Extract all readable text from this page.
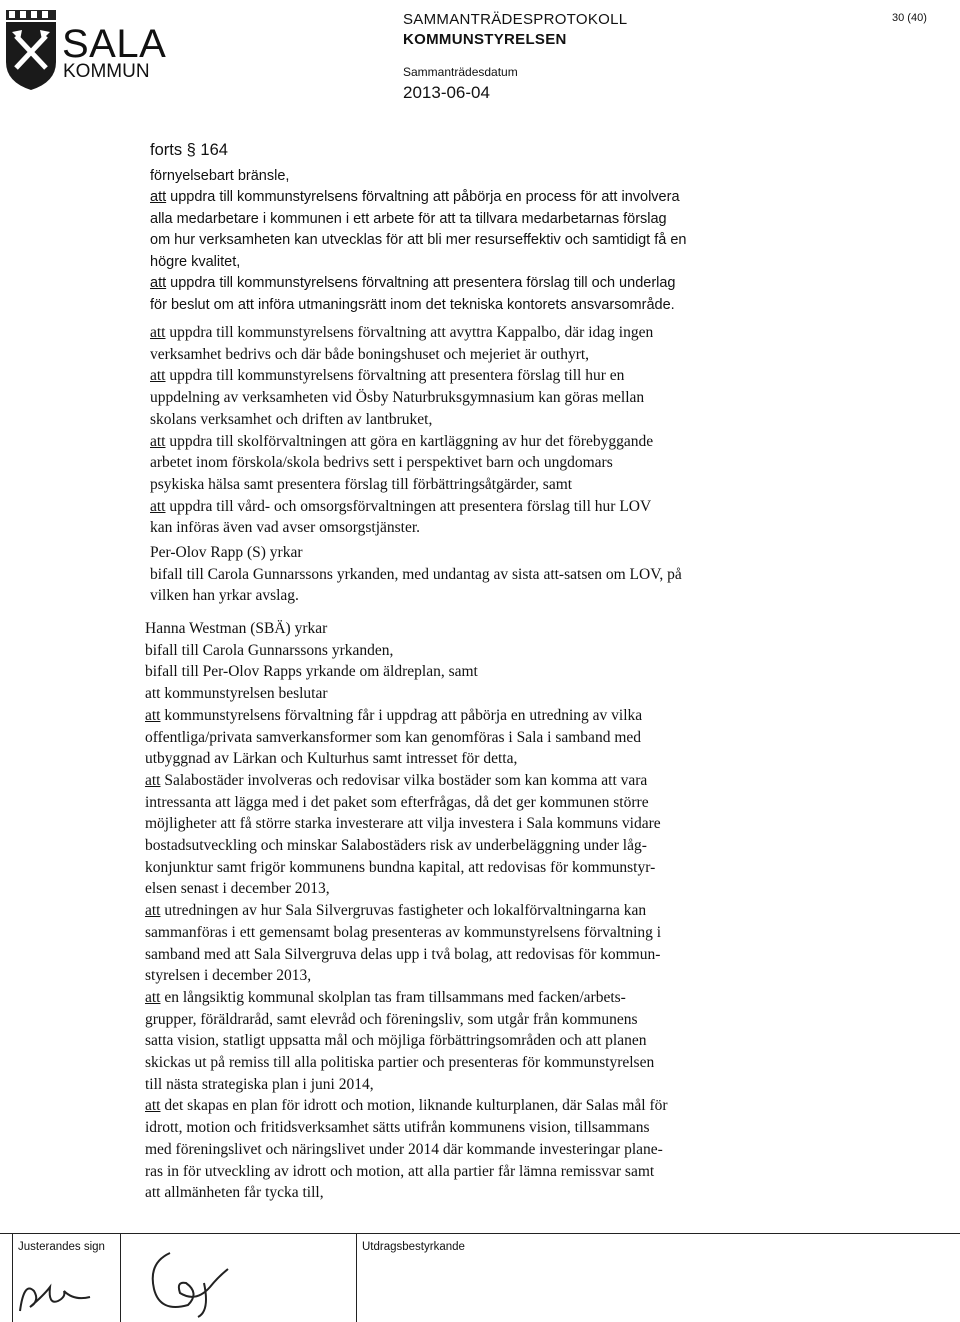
SALA
KOMMUN
SAMMANTRÄDESPROTOKOLL
KOMMUNSTYRELSEN
Sammanträdesdatum
2013-06-04
30 (40)
forts § 164
förnyelsebart bränsle,
att uppdra till kommunstyrelsens förvaltning att påbörja en process för att involvera
alla medarbetare i kommunen i ett arbete för att ta tillvara medarbetarnas förslag
om hur verksamheten kan utvecklas för att bli mer resurseffektiv och samtidigt få en
högre kvalitet,
att uppdra till kommunstyrelsens förvaltning att presentera förslag till och underlag
för beslut om att införa utmaningsrätt inom det tekniska kontorets ansvarsområde.
att uppdra till kommunstyrelsens förvaltning att avyttra Kappalbo, där idag ingen
verksamhet bedrivs och där både boningshuset och mejeriet är outhyrt,
att uppdra till kommunstyrelsens förvaltning att presentera förslag till hur en
uppdelning av verksamheten vid Ösby Naturbruksgymnasium kan göras mellan
skolans verksamhet och driften av lantbruket,
att uppdra till skolförvaltningen att göra en kartläggning av hur det förebyggande
arbetet inom förskola/skola bedrivs sett i perspektivet barn och ungdomars
psykiska hälsa samt presentera förslag till förbättringsåtgärder, samt
att uppdra till vård- och omsorgsförvaltningen att presentera förslag till hur LOV
kan införas även vad avser omsorgstjänster.
Per-Olov Rapp (S) yrkar
bifall till Carola Gunnarssons yrkanden, med undantag av sista att-satsen om LOV, på
vilken han yrkar avslag.
Hanna Westman (SBÄ) yrkar
bifall till Carola Gunnarssons yrkanden,
bifall till Per-Olov Rapps yrkande om äldreplan, samt
att kommunstyrelsen beslutar
att kommunstyrelsens förvaltning får i uppdrag att påbörja en utredning av vilka
offentliga/privata samverkansformer som kan genomföras i Sala i samband med
utbyggnad av Lärkan och Kulturhus samt intresset för detta,
att Salabostäder involveras och redovisar vilka bostäder som kan komma att vara
intressanta att lägga med i det paket som efterfrågas, då det ger kommunen större
möjligheter att få större starka investerare att vilja investera i Sala kommuns vidare
bostadsutveckling och minskar Salabostäders risk av underbeläggning under låg-
konjunktur samt frigör kommunens bundna kapital, att redovisas för kommunstyr-
elsen senast i december 2013,
att utredningen av hur Sala Silvergruvas fastigheter och lokalförvaltningarna kan
sammanföras i ett gemensamt bolag presenteras av kommunstyrelsens förvaltning i
samband med att Sala Silvergruva delas upp i två bolag, att redovisas för kommun-
styrelsen i december 2013,
att en långsiktig kommunal skolplan tas fram tillsammans med facken/arbets-
grupper, föräldraråd, samt elevråd och föreningsliv, som utgår från kommunens
satta vision, statligt uppsatta mål och möjliga förbättringsområden och att planen
skickas ut på remiss till alla politiska partier och presenteras för kommunstyrelsen
till nästa strategiska plan i juni 2014,
att det skapas en plan för idrott och motion, liknande kulturplanen, där Salas mål för
idrott, motion och fritidsverksamhet sätts utifrån kommunens vision, tillsammans
med föreningslivet och näringslivet under 2014 där kommande investeringar plane-
ras in för utveckling av idrott och motion, att alla partier får lämna remissvar samt
att allmänheten får tycka till,
Justerandes sign	Utdragsbestyrkande
